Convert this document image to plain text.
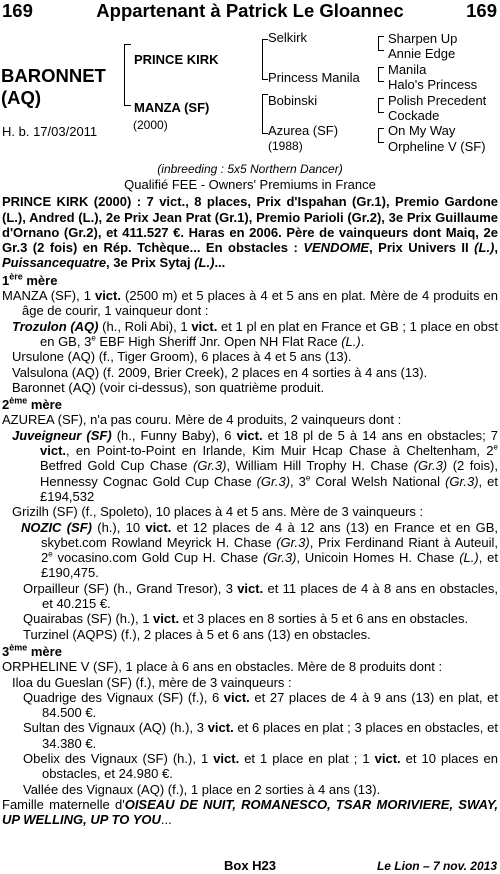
169	Appartenant à Patrick Le Gloannec	169
BARONNET
(AQ)
H. b. 17/03/2011
PRINCE KIRK
MANZA (SF)
(2000)
Selkirk
Princess Manila
Bobinski
Azurea (SF)
(1988)
Sharpen Up
Annie Edge
Manila
Halo's Princess
Polish Precedent
Cockade
On My Way
Orpheline V (SF)

(inbreeding : 5x5 Northern Dancer)

Qualifié FEE - Owners' Premiums in France

PRINCE KIRK (2000) : 7 vict., 8 places, Prix d'Ispahan (Gr.1), Premio Gardone (L.), Andred (L.), 2e Prix Jean Prat (Gr.1), Premio Parioli (Gr.2), 3e Prix Guillaume d'Ornano (Gr.2), et 411.527 €. Haras en 2006. Père de vainqueurs dont Maiq, 2e Gr.3 (2 fois) en Rép. Tchèque... En obstacles : VENDOME, Prix Univers II (L.), Puissancequatre, 3e Prix Sytaj (L.)...

1ère mère

MANZA (SF), 1 vict. (2500 m) et 5 places à 4 et 5 ans en plat. Mère de 4 produits en âge de courir, 1 vainqueur dont :

Trozulon (AQ) (h., Roli Abi), 1 vict. et 1 pl en plat en France et GB ; 1 place en obst en GB, 3e EBF High Sheriff Jnr. Open NH Flat Race (L.).

Ursulone (AQ) (f., Tiger Groom), 6 places à 4 et 5 ans (13).

Valsulona (AQ) (f. 2009, Brier Creek), 2 places en 4 sorties à 4 ans (13).

Baronnet (AQ) (voir ci-dessus), son quatrième produit.

2ème mère

AZUREA (SF), n'a pas couru. Mère de 4 produits, 2 vainqueurs dont :

Juveigneur (SF) (h., Funny Baby), 6 vict. et 18 pl de 5 à 14 ans en obstacles; 7 vict., en Point-to-Point en Irlande, Kim Muir Hcap Chase à Cheltenham, 2e Betfred Gold Cup Chase (Gr.3), William Hill Trophy H. Chase (Gr.3) (2 fois), Hennessy Cognac Gold Cup Chase (Gr.3), 3e Coral Welsh National (Gr.3), et £194,532

Grizilh (SF) (f., Spoleto), 10 places à 4 et 5 ans. Mère de 3 vainqueurs :

NOZIC (SF) (h.), 10 vict. et 12 places de 4 à 12 ans (13) en France et en GB, skybet.com Rowland Meyrick H. Chase (Gr.3), Prix Ferdinand Riant à Auteuil, 2e vocasino.com Gold Cup H. Chase (Gr.3), Unicoin Homes H. Chase (L.), et £190,475.

Orpailleur (SF) (h., Grand Tresor), 3 vict. et 11 places de 4 à 8 ans en obstacles, et 40.215 €.

Quairabas (SF) (h.), 1 vict. et 3 places en 8 sorties à 5 et 6 ans en obstacles.

Turzinel (AQPS) (f.), 2 places à 5 et 6 ans (13) en obstacles.

3ème mère

ORPHELINE V (SF), 1 place à 6 ans en obstacles. Mère de 8 produits dont :

Iloa du Gueslan (SF) (f.), mère de 3 vainqueurs :

Quadrige des Vignaux (SF) (f.), 6 vict. et 27 places de 4 à 9 ans (13) en plat, et 84.500 €.

Sultan des Vignaux (AQ) (h.), 3 vict. et 6 places en plat ; 3 places en obstacles, et 34.380 €.

Obelix des Vignaux (SF) (h.), 1 vict. et 1 place en plat ; 1 vict. et 10 places en obstacles, et 24.980 €.

Vallée des Vignaux (AQ) (f.), 1 place en 2 sorties à 4 ans (13).

Famille maternelle d'OISEAU DE NUIT, ROMANESCO, TSAR MORIVIERE, SWAY, UP WELLING, UP TO YOU...

Box H23	Le Lion – 7 nov. 2013
